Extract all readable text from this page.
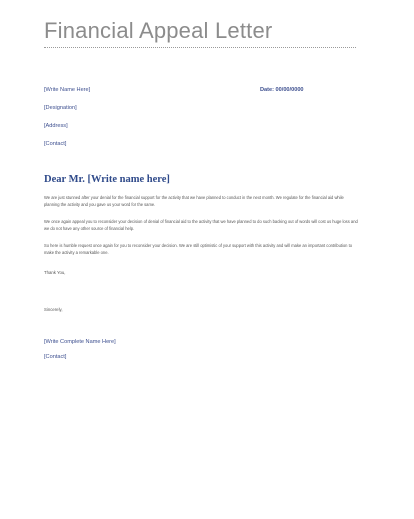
Financial Appeal Letter
[Write Name Here]	Date: 00/00/0000
[Designation]
[Address]
[Contact]
Dear Mr. [Write name here]
We are just stunned after your denial for the financial support for the activity that we have planned to conduct in the next month. We regulate for the financial aid while planning the activity and you gave us your word for the same.
We once again appeal you to reconsider your decision of denial of financial aid to the activity that we have planned to do such backing out of words will cost us huge loss and we do not have any other source of financial help.
So here is humble request once again for you to reconsider your decision. We are still optimistic of your support with this activity and will make an important contribution to make the activity a remarkable one.
Thank You,
Sincerely,
[Write Complete Name Here]
[Contact]
